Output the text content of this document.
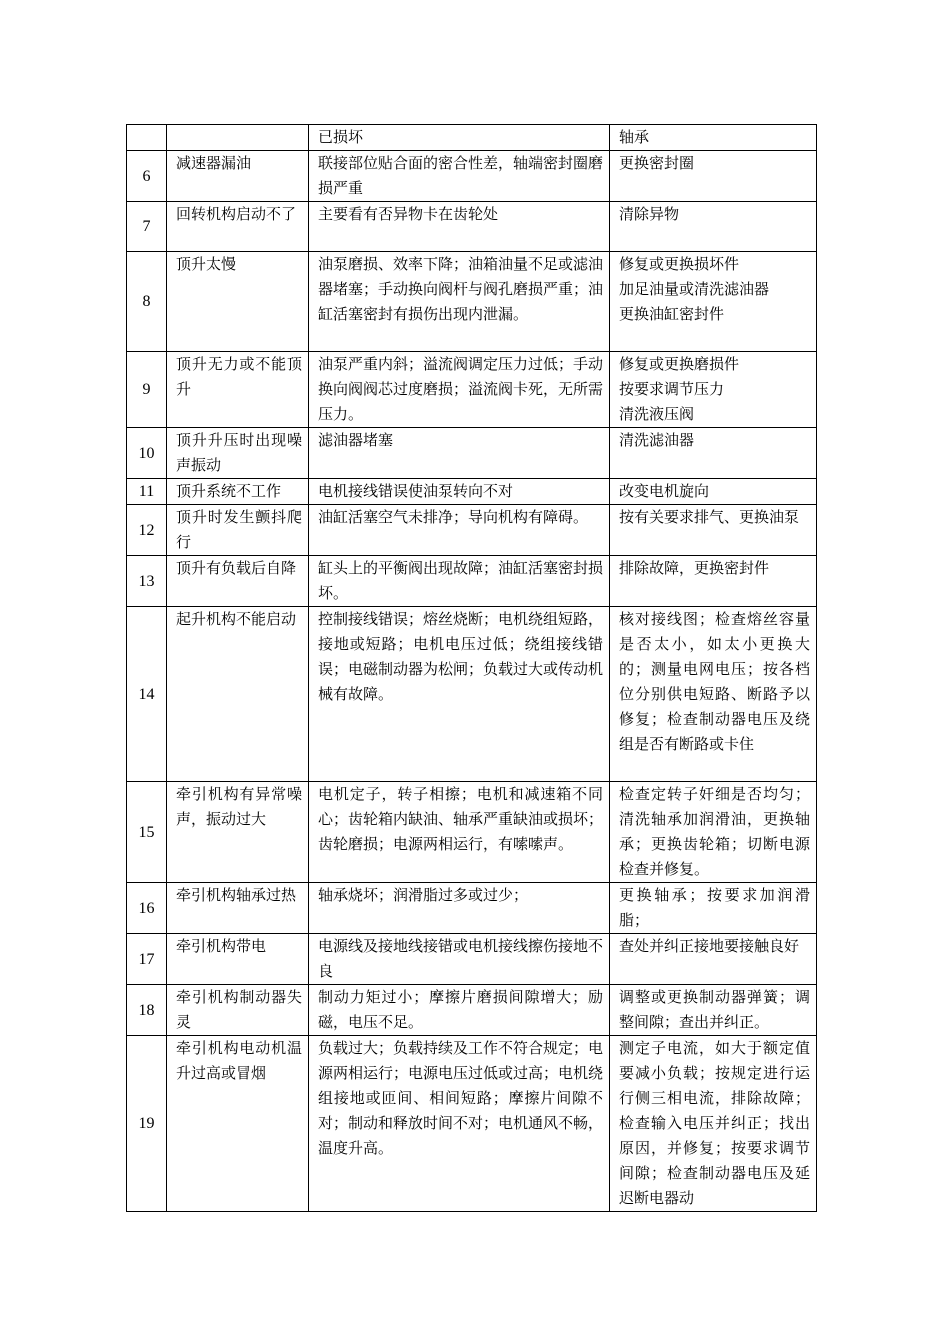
		已损坏	轴承

6	减速器漏油	联接部位贴合面的密合性差，轴端密封圈磨损严重	更换密封圈

7	回转机构启动不了	主要看有否异物卡在齿轮处	清除异物

8	顶升太慢	油泵磨损、效率下降；油箱油量不足或滤油器堵塞；手动换向阀杆与阀孔磨损严重；油缸活塞密封有损伤出现内泄漏。	修复或更换损坏件
加足油量或清洗滤油器
更换油缸密封件

9	顶升无力或不能顶升	油泵严重内斜；溢流阀调定压力过低；手动换向阀阀芯过度磨损；溢流阀卡死，无所需压力。	修复或更换磨损件
按要求调节压力
清洗液压阀

10	顶升升压时出现噪声振动	滤油器堵塞	清洗滤油器

11	顶升系统不工作	电机接线错误使油泵转向不对	改变电机旋向

12	顶升时发生颤抖爬行	油缸活塞空气未排净；导向机构有障碍。	按有关要求排气、更换油泵

13	顶升有负载后自降	缸头上的平衡阀出现故障；油缸活塞密封损坏。	排除故障，更换密封件

14	起升机构不能启动	控制接线错误；熔丝烧断；电机绕组短路，接地或短路；电机电压过低；绕组接线错误；电磁制动器为松闸；负载过大或传动机械有故障。	核对接线图；检查熔丝容量是否太小，如太小更换大的；测量电网电压；按各档位分别供电短路、断路予以修复；检查制动器电压及绕组是否有断路或卡住

15	牵引机构有异常噪声，振动过大	电机定子，转子相擦；电机和减速箱不同心；齿轮箱内缺油、轴承严重缺油或损坏；齿轮磨损；电源两相运行，有嗦嗦声。	检查定转子奸细是否均匀；清洗轴承加润滑油，更换轴承；更换齿轮箱；切断电源检查并修复。

16	牵引机构轴承过热	轴承烧坏；润滑脂过多或过少；	更换轴承；按要求加润滑脂；

17	牵引机构带电	电源线及接地线接错或电机接线擦伤接地不良	查处并纠正接地要接触良好

18	牵引机构制动器失灵	制动力矩过小；摩擦片磨损间隙增大；励磁，电压不足。	调整或更换制动器弹簧；调整间隙；查出并纠正。

19	牵引机构电动机温升过高或冒烟	负载过大；负载持续及工作不符合规定；电源两相运行；电源电压过低或过高；电机绕组接地或匝间、相间短路；摩擦片间隙不对；制动和释放时间不对；电机通风不畅，温度升高。	测定子电流，如大于额定值要减小负载；按规定进行运行侧三相电流，排除故障；检查输入电压并纠正；找出原因，并修复；按要求调节间隙；检查制动器电压及延迟断电器动
